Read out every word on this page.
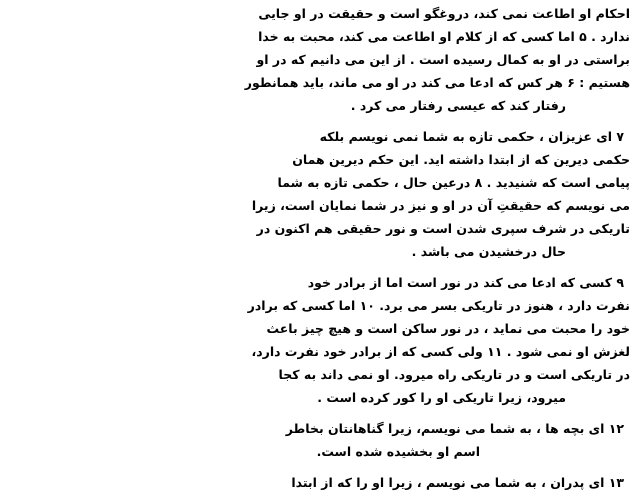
احکام او اطاعت نمی کند، دروغگو است و حقیقت در او جایی
ندارد . ۵ اما کسی که از کلام او اطاعت می کند، محبت به خدا
براستی در او به کمال رسیده است . از این می دانیم که در او
هستیم : ۶ هر کس که ادعا می کند در او می ماند، باید همانطور
رفتار کند که عیسی رفتار می کرد .
۷ ای عزیزان ، حکمی تازه به شما نمی نویسم بلکه
حکمی دیرین که از ابتدا داشته اید. این حکم دیرین همان
پیامی است که شنیدید . ۸ درعین حال ، حکمی تازه به شما
می نویسم که حقیقتِ آن در او و نیز در شما نمایان است، زیرا
تاریکی در شرف سپری شدن است و نور حقیقی هم اکنون در
حال درخشیدن می باشد .
۹ کسی که ادعا می کند در نور است اما از برادر خود
نفرت دارد ، هنوز در تاریکی بسر می برد. ۱۰ اما کسی که برادر
خود را محبت می نماید ، در نور ساکن است و هیچ چیز باعث
لغزش او نمی شود . ۱۱ ولی کسی که از برادر خود نفرت دارد،
در تاریکی است و در تاریکی راه میرود. او نمی داند به کجا
میرود، زیرا تاریکی او را کور کرده است .
۱۲ ای بچه ها ، به شما می نویسم، زیرا گناهانتان بخاطر
اسم او بخشیده شده است.
۱۳ ای پدران ، به شما می نویسم ، زیرا او را که از ابتدا
